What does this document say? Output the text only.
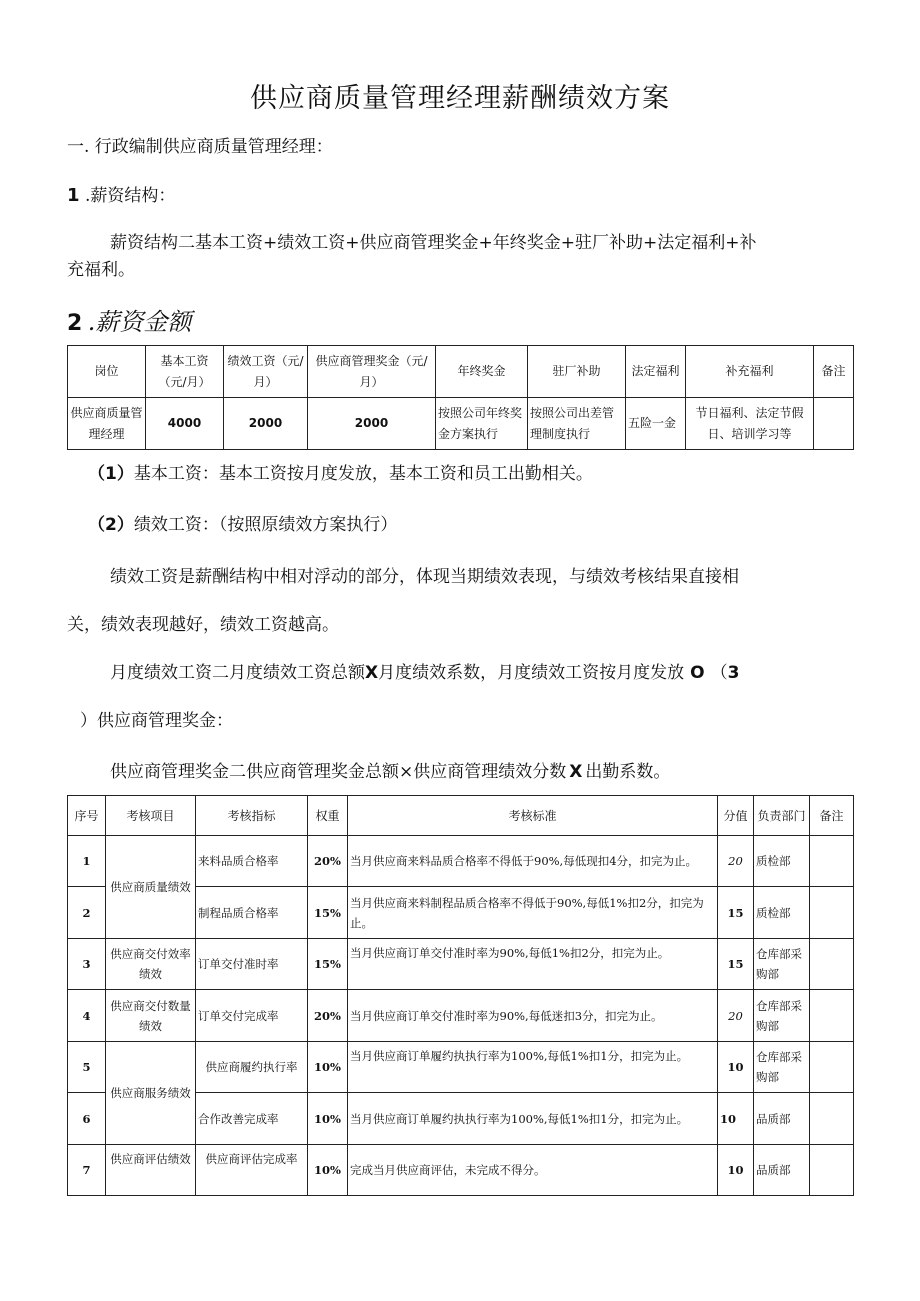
供应商质量管理经理薪酬绩效方案
一. 行政编制供应商质量管理经理：
1 .薪资结构：
薪资结构二基本工资+绩效工资+供应商管理奖金+年终奖金+驻厂补助+法定福利+补
充福利。
2 .薪资金额
岗位	基本工资（元/月）	绩效工资（元/月）	供应商管理奖金（元/月）	年终奖金	驻厂补助	法定福利	补充福利	备注
供应商质量管理经理	4000	2000	2000	按照公司年终奖金方案执行	按照公司出差管理制度执行	五险一金	节日福利、法定节假日、培训学习等	
（1）基本工资：基本工资按月度发放，基本工资和员工出勤相关。
（2）绩效工资：（按照原绩效方案执行）
绩效工资是薪酬结构中相对浮动的部分，体现当期绩效表现，与绩效考核结果直接相
关，绩效表现越好，绩效工资越高。
月度绩效工资二月度绩效工资总额X月度绩效系数，月度绩效工资按月度发放 O （3
）供应商管理奖金：
供应商管理奖金二供应商管理奖金总额×供应商管理绩效分数 X 出勤系数。
序号	考核项目	考核指标	权重	考核标准	分值	负责部门	备注
1	供应商质量绩效	来料品质合格率	20%	当月供应商来料品质合格率不得低于90%,每低现扣4分，扣完为止。	20	质检部	
2		制程品质合格率	15%	当月供应商来料制程品质合格率不得低于90%,每低1%扣2分，扣完为止。	15	质检部	
3	供应商交付效率绩效	订单交付准时率	15%	当月供应商订单交付准时率为90%,每低1%扣2分，扣完为止。	15	仓库部采购部	
4	供应商交付数量绩效	订单交付完成率	20%	当月供应商订单交付准时率为90%,每低迷扣3分，扣完为止。	20	仓库部采购部	
5	供应商服务绩效	供应商履约执行率	10%	当月供应商订单履约执执行率为100%,每低1%扣1分，扣完为止。	10	仓库部采购部	
6		合作改善完成率	10%	当月供应商订单履约执执行率为100%,每低1%扣1分，扣完为止。	10	品质部	
7	供应商评估绩效	供应商评估完成率	10%	完成当月供应商评估，未完成不得分。	10	品质部	
